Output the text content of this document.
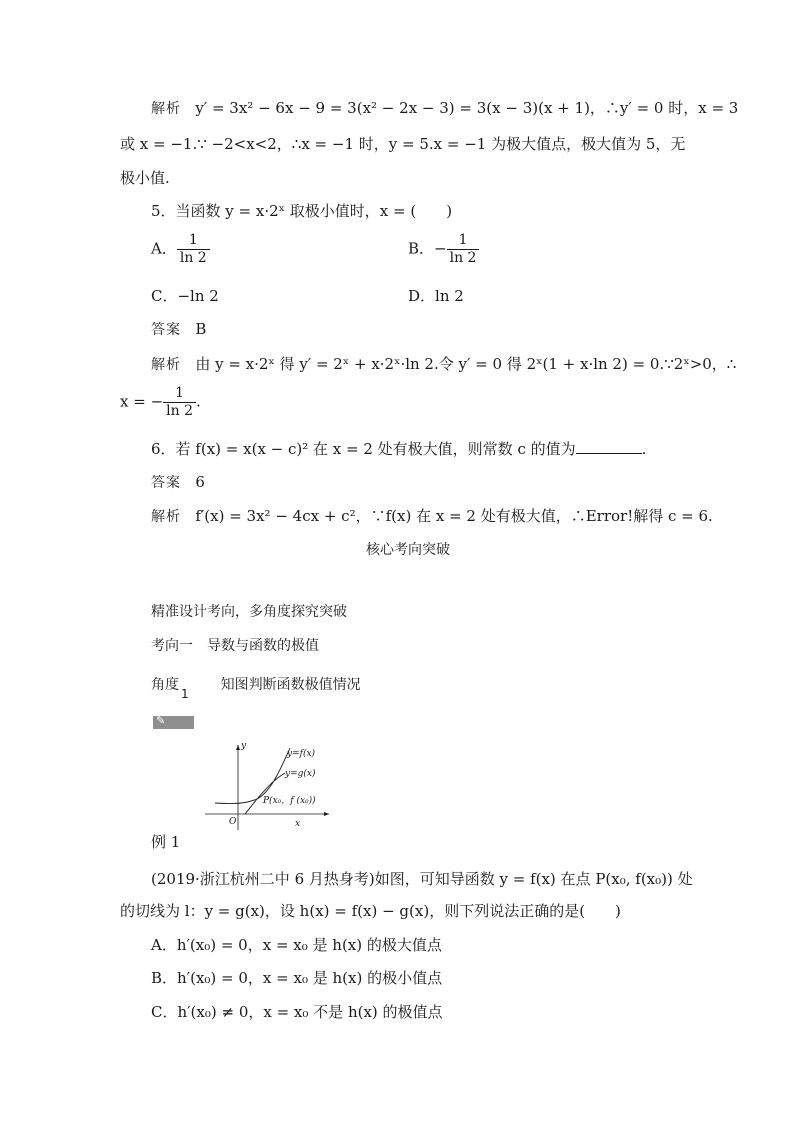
解析 y′ = 3x² − 6x − 9 = 3(x² − 2x − 3) = 3(x − 3)(x + 1)，∴y′ = 0 时，x = 3
或 x = −1.∵ −2<x<2，∴x = −1 时，y = 5.x = −1 为极大值点，极大值为 5，无
极小值.
5．当函数 y = x·2ˣ 取极小值时，x = (　　)
A． $\frac{1}{\ln 2}$	B．− $\frac{1}{\ln 2}$
C．−ln 2	D．ln 2
答案 B
解析 由 y = x·2ˣ 得 y′ = 2ˣ + x·2ˣ·ln 2.令 y′ = 0 得 2ˣ(1 + x·ln 2) = 0.∵2ˣ>0，∴
x = − $\frac{1}{\ln 2}$ .
6．若 f(x) = x(x − c)² 在 x = 2 处有极大值，则常数 c 的值为	.
答案 6
解析 f′(x) = 3x² − 4cx + c²，∵f(x) 在 x = 2 处有极大值，∴Error!解得 c = 6.
核心考向突破
精准设计考向，多角度探究突破
考向一　导数与函数的极值
角度1知图判断函数极值情况
✎
y
x
O
y=f(x)
y=g(x)
P(x₀，f (x₀))
例 1
(2019·浙江杭州二中 6 月热身考)如图，可知导函数 y = f(x) 在点 P(x₀, f(x₀)) 处
的切线为 l：y = g(x)，设 h(x) = f(x) − g(x)，则下列说法正确的是(　　)
A．h′(x₀) = 0，x = x₀ 是 h(x) 的极大值点
B．h′(x₀) = 0，x = x₀ 是 h(x) 的极小值点
C．h′(x₀) ≠ 0，x = x₀ 不是 h(x) 的极值点
